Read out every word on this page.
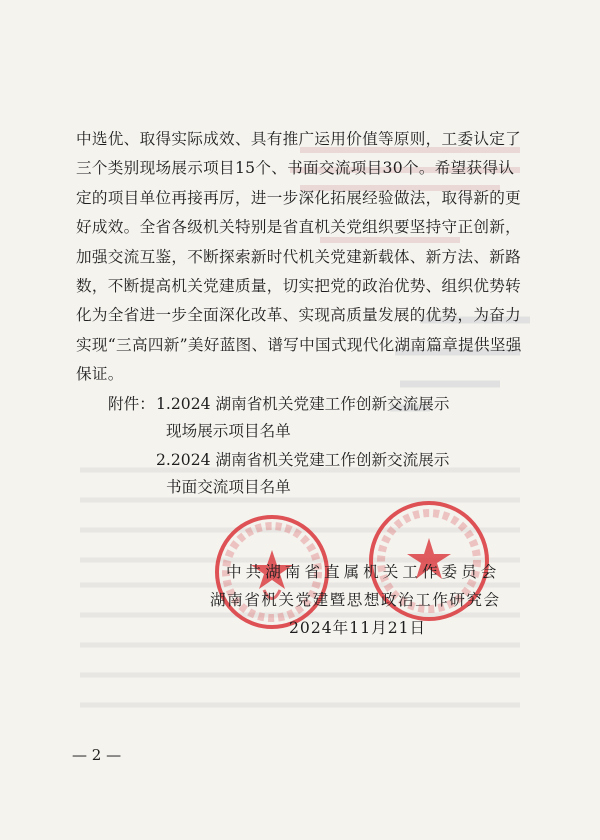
中选优、取得实际成效、具有推广运用价值等原则，工委认定了
三个类别现场展示项目15个、书面交流项目30个。希望获得认
定的项目单位再接再厉，进一步深化拓展经验做法，取得新的更
好成效。全省各级机关特别是省直机关党组织要坚持守正创新，
加强交流互鉴，不断探索新时代机关党建新载体、新方法、新路
数，不断提高机关党建质量，切实把党的政治优势、组织优势转
化为全省进一步全面深化改革、实现高质量发展的优势，为奋力
实现“三高四新”美好蓝图、谱写中国式现代化湖南篇章提供坚强
保证。
附件： 1.2024 湖南省机关党建工作创新交流展示
现场展示项目名单
2.2024 湖南省机关党建工作创新交流展示
书面交流项目名单
中共湖南省直属机关工作委员会
湖南省机关党建暨思想政治工作研究会
2024年11月21日
— 2 —
